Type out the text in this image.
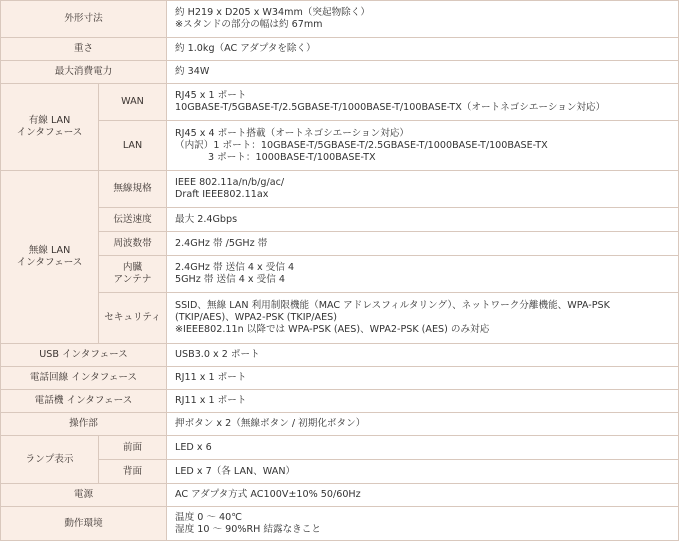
外形寸法		約 H219 x D205 x W34mm（突起物除く）
※スタンドの部分の幅は約 67mm

重さ		約 1.0kg（AC アダプタを除く）

最大消費電力		約 34W

有線 LAN
インタフェース	WAN	RJ45 x 1 ポート
10GBASE-T/5GBASE-T/2.5GBASE-T/1000BASE-T/100BASE-TX（オートネゴシエーション対応）

	LAN	RJ45 x 4 ポート搭載（オートネゴシエーション対応）
（内訳）1 ポート：10GBASE-T/5GBASE-T/2.5GBASE-T/1000BASE-T/100BASE-TX
3 ポート：1000BASE-T/100BASE-TX

無線 LAN
インタフェース	無線規格	IEEE 802.11a/n/b/g/ac/
Draft IEEE802.11ax

	伝送速度	最大 2.4Gbps

	周波数帯	2.4GHz 帯 /5GHz 帯

	内臓
アンテナ	2.4GHz 帯 送信 4 x 受信 4
5GHz 帯 送信 4 x 受信 4

	セキュリティ	SSID、無線 LAN 利用制限機能（MAC アドレスフィルタリング）、ネットワーク分離機能、WPA-PSK
(TKIP/AES)、WPA2-PSK (TKIP/AES)
※IEEE802.11n 以降では WPA-PSK (AES)、WPA2-PSK (AES) のみ対応

USB インタフェース		USB3.0 x 2 ポート

電話回線 インタフェース		RJ11 x 1 ポート

電話機 インタフェース		RJ11 x 1 ポート

操作部		押ボタン x 2（無線ボタン / 初期化ボタン）

ランプ表示	前面	LED x 6

	背面	LED x 7（各 LAN、WAN）

電源		AC アダプタ方式 AC100V±10% 50/60Hz

動作環境		温度 0 ～ 40℃
湿度 10 ～ 90%RH 結露なきこと
